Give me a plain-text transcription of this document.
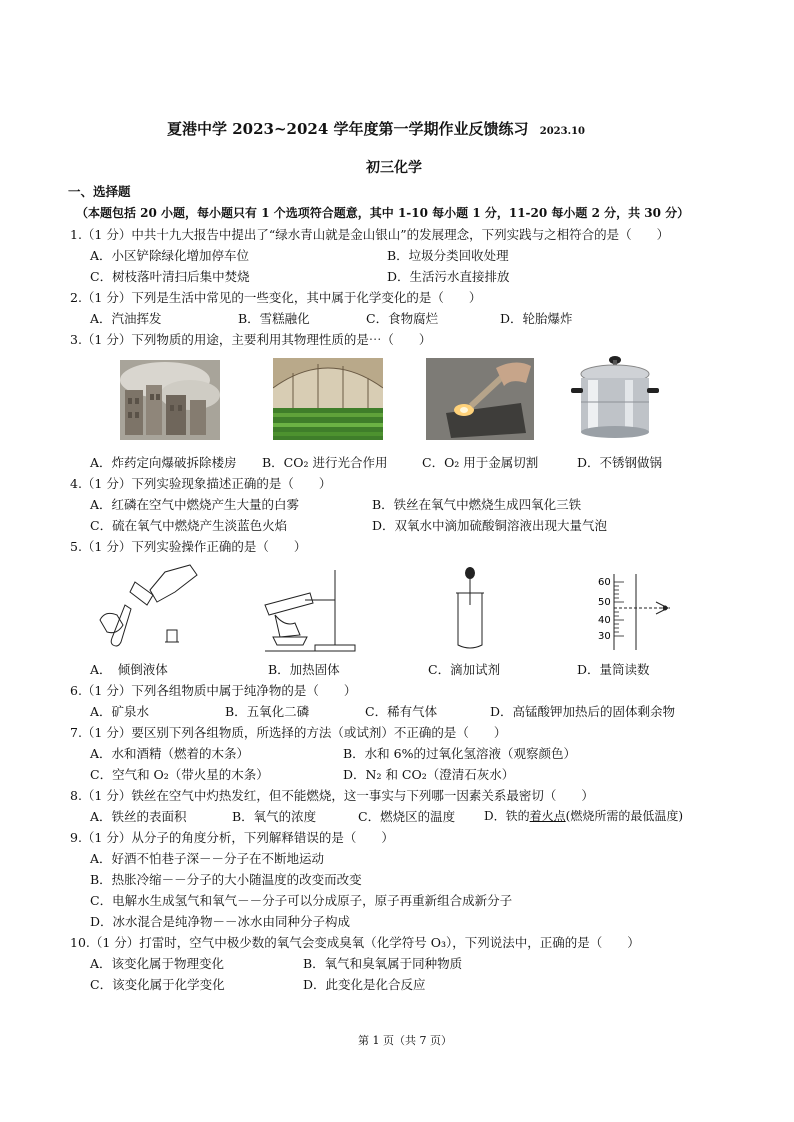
夏港中学 2023~2024 学年度第一学期作业反馈练习 2023.10
初三化学
一、选择题
（本题包括 20 小题，每小题只有 1 个选项符合题意，其中 1-10 每小题 1 分，11-20 每小题 2 分，共 30 分）
1.（1 分）中共十九大报告中提出了“绿水青山就是金山银山”的发展理念，下列实践与之相符合的是（　　）
A．小区铲除绿化增加停车位	B．垃圾分类回收处理
C．树枝落叶清扫后集中焚烧	D．生活污水直接排放
2.（1 分）下列是生活中常见的一些变化，其中属于化学变化的是（　　）
A．汽油挥发	B．雪糕融化	C．食物腐烂	D．轮胎爆炸
3.（1 分）下列物质的用途，主要利用其物理性质的是⋯（　　）
A．炸药定向爆破拆除楼房 B．CO₂ 进行光合作用	C．O₂ 用于金属切割	D．不锈钢做锅
4.（1 分）下列实验现象描述正确的是（　　）
A．红磷在空气中燃烧产生大量的白雾	B．铁丝在氧气中燃烧生成四氧化三铁
C．硫在氧气中燃烧产生淡蓝色火焰	D．双氧水中滴加硫酸铜溶液出现大量气泡
5.（1 分）下列实验操作正确的是（　　）
60
50
40
30
A．　倾倒液体	B．加热固体	C．滴加试剂	D．量筒读数
6.（1 分）下列各组物质中属于纯净物的是（　　）
A．矿泉水	B．五氧化二磷	C．稀有气体	D．高锰酸钾加热后的固体剩余物
7.（1 分）要区别下列各组物质，所选择的方法（或试剂）不正确的是（　　）
A．水和酒精（燃着的木条）	B．水和 6%的过氧化氢溶液（观察颜色）
C．空气和 O₂（带火星的木条）	D．N₂ 和 CO₂（澄清石灰水）
8.（1 分）铁丝在空气中灼热发红，但不能燃烧，这一事实与下列哪一因素关系最密切（　　）
A．铁丝的表面积	B．氧气的浓度	C．燃烧区的温度 D．铁的着火点(燃烧所需的最低温度)
9.（1 分）从分子的角度分析，下列解释错误的是（　　）
A．好酒不怕巷子深－－分子在不断地运动
B．热胀冷缩－－分子的大小随温度的改变而改变
C．电解水生成氢气和氧气－－分子可以分成原子，原子再重新组合成新分子
D．冰水混合是纯净物－－冰水由同种分子构成
10.（1 分）打雷时，空气中极少数的氧气会变成臭氧（化学符号 O₃），下列说法中，正确的是（　　）
A．该变化属于物理变化	B．氧气和臭氧属于同种物质
C．该变化属于化学变化	D．此变化是化合反应
第 1 页（共 7 页）
